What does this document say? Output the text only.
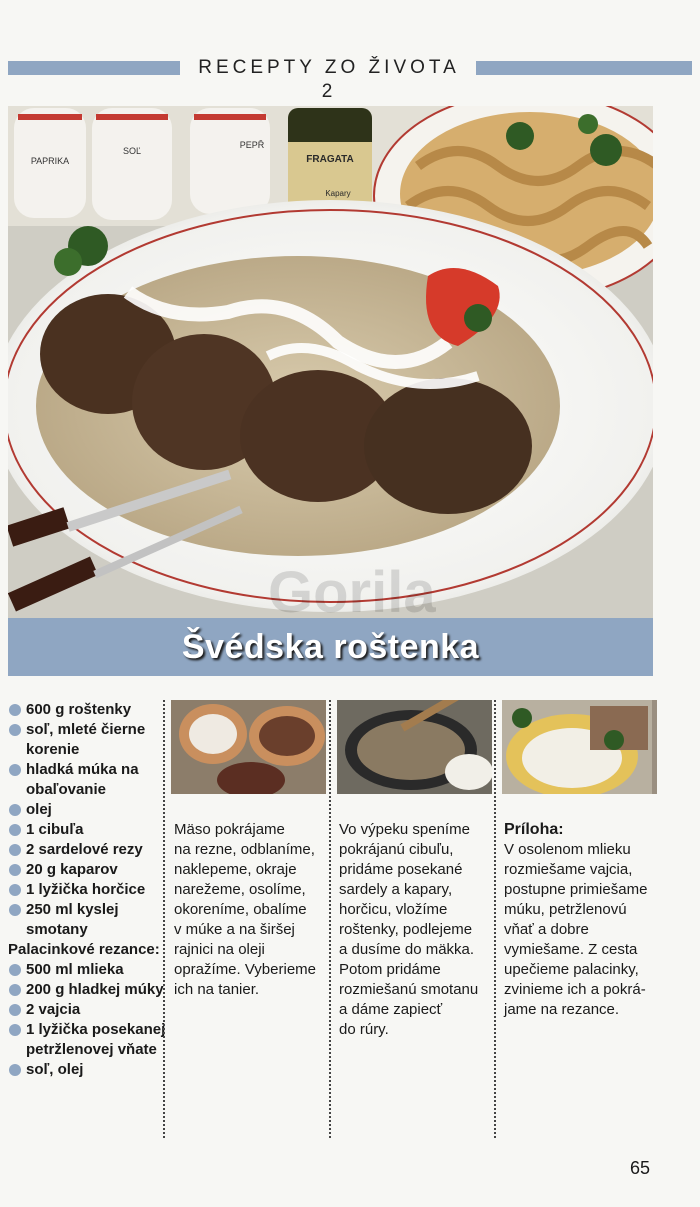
RECEPTY ZO ŽIVOTA 2
PAPRIKA
SOĽ
PEPŘ
FRAGATA
Kapary
Gorila
Švédska roštenka
600 g roštenky
soľ, mleté čierne korenie
hladká múka na obaľovanie
olej
1 cibuľa
2 sardelové rezy
20 g kaparov
1 lyžička horčice
250 ml kyslej smotany
Palacinkové rezance:
500 ml mlieka
200 g hladkej múky
2 vajcia
1 lyžička posekanej petržlenovej vňate
soľ, olej
Mäso pokrájame
na rezne, odblaníme,
naklepeme, okraje
narežeme, osolíme,
okoreníme, obalíme
v múke a na širšej
rajnici na oleji
opražíme. Vyberieme
ich na tanier.
Vo výpeku speníme
pokrájanú cibuľu,
pridáme posekané
sardely a kapary,
horčicu, vložíme
roštenky, podlejeme
a dusíme do mäkka.
Potom pridáme
rozmiešanú smotanu
a dáme zapiecť
do rúry.
Príloha:
V osolenom mlieku
rozmiešame vajcia,
postupne primiešame
múku, petržlenovú
vňať a dobre
vymiešame. Z cesta
upečieme palacinky,
zvinieme ich a pokrá-
jame na rezance.
65
